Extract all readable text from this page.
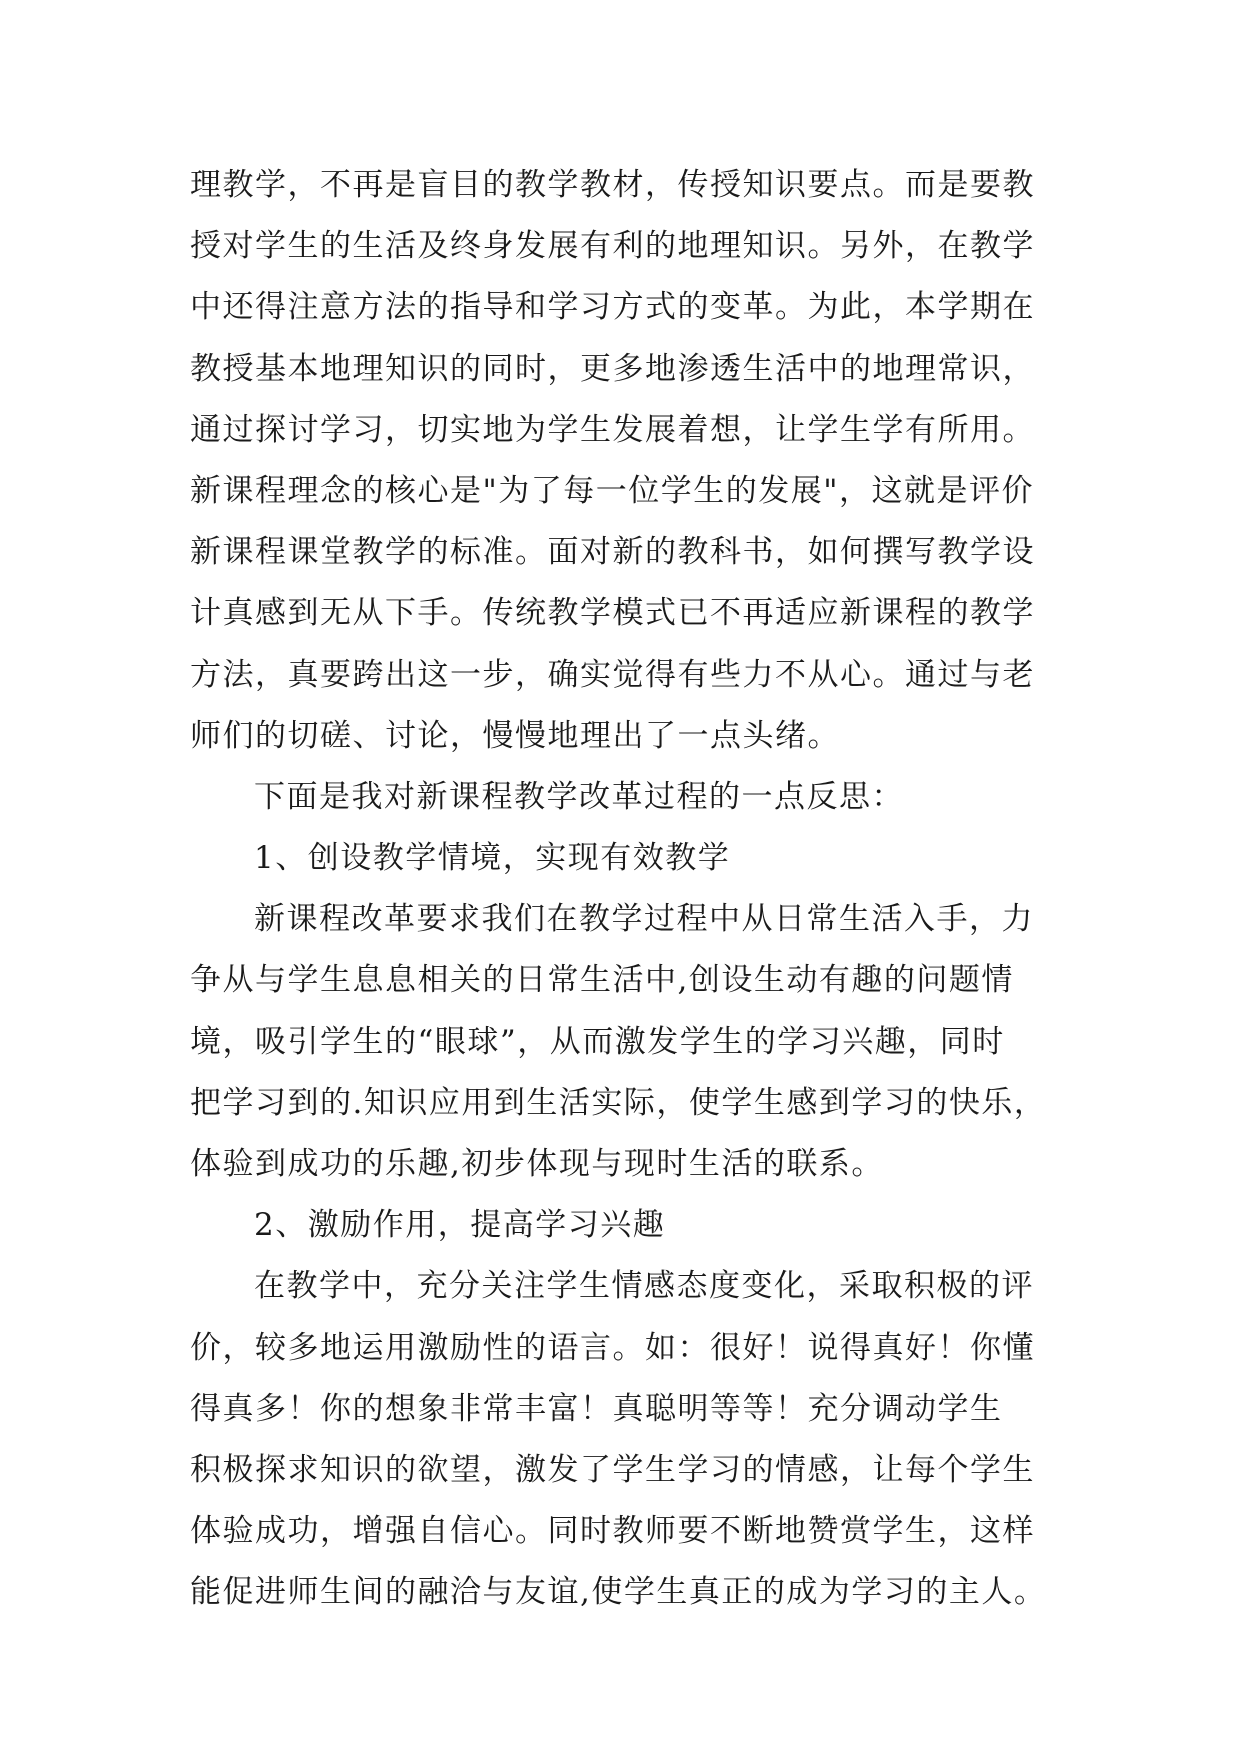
理教学，不再是盲目的教学教材，传授知识要点。而是要教
授对学生的生活及终身发展有利的地理知识。另外，在教学
中还得注意方法的指导和学习方式的变革。为此，本学期在
教授基本地理知识的同时，更多地渗透生活中的地理常识，
通过探讨学习，切实地为学生发展着想，让学生学有所用。
新课程理念的核心是"为了每一位学生的发展"，这就是评价
新课程课堂教学的标准。面对新的教科书，如何撰写教学设
计真感到无从下手。传统教学模式已不再适应新课程的教学
方法，真要跨出这一步，确实觉得有些力不从心。通过与老
师们的切磋、讨论，慢慢地理出了一点头绪。
下面是我对新课程教学改革过程的一点反思：
1、创设教学情境，实现有效教学
新课程改革要求我们在教学过程中从日常生活入手，力
争从与学生息息相关的日常生活中,创设生动有趣的问题情
境，吸引学生的“眼球”，从而激发学生的学习兴趣，同时
把学习到的.知识应用到生活实际，使学生感到学习的快乐，
体验到成功的乐趣,初步体现与现时生活的联系。
2、激励作用，提高学习兴趣
在教学中，充分关注学生情感态度变化，采取积极的评
价，较多地运用激励性的语言。如：很好！说得真好！你懂
得真多！你的想象非常丰富！真聪明等等！充分调动学生
积极探求知识的欲望，激发了学生学习的情感，让每个学生
体验成功，增强自信心。同时教师要不断地赞赏学生，这样
能促进师生间的融洽与友谊,使学生真正的成为学习的主人。
